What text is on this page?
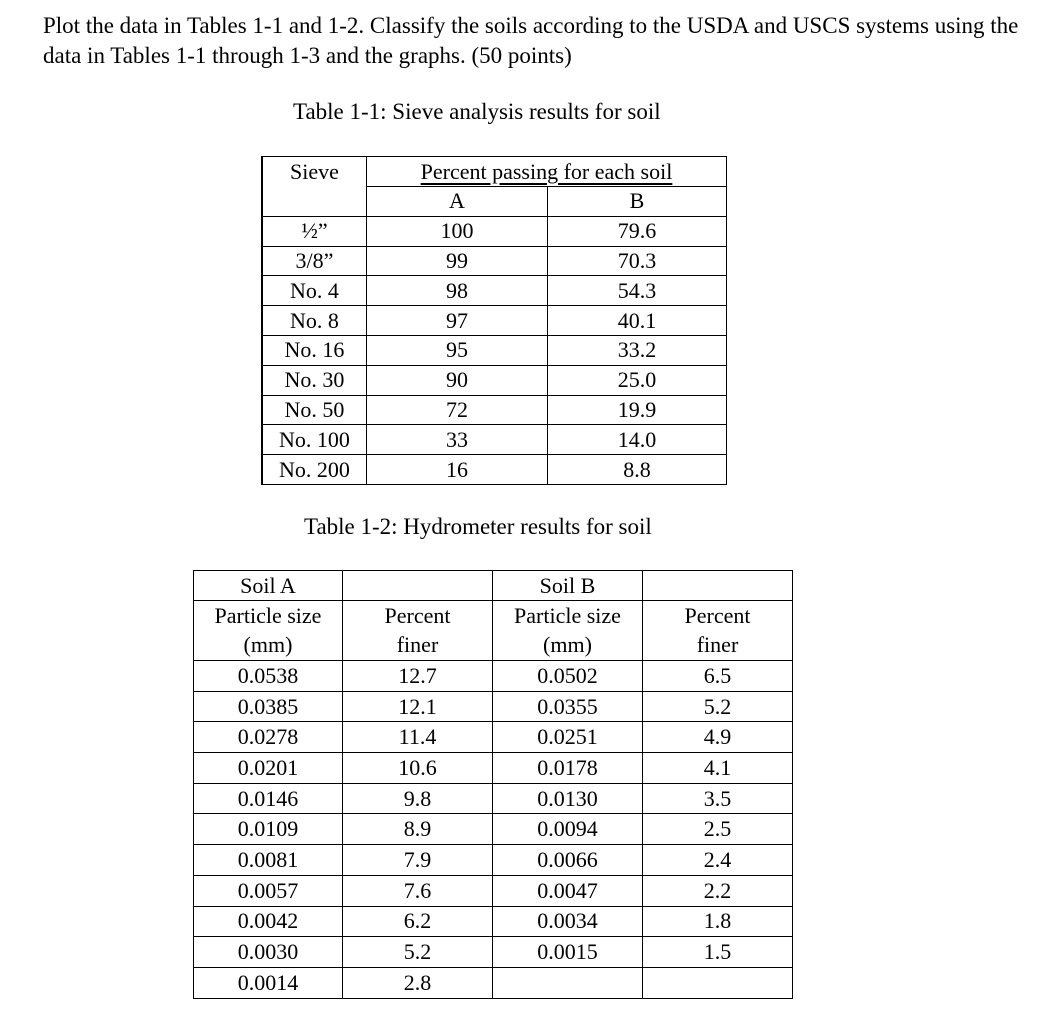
Plot the data in Tables 1-1 and 1-2. Classify the soils according to the USDA and USCS systems using the data in Tables 1-1 through 1-3 and the graphs. (50 points)

Table 1-1: Sieve analysis results for soil

Sieve	Percent passing for each soil	
	A	B
½”	100	79.6
3/8”	99	70.3
No. 4	98	54.3
No. 8	97	40.1
No. 16	95	33.2
No. 30	90	25.0
No. 50	72	19.9
No. 100	33	14.0
No. 200	16	8.8

Table 1-2: Hydrometer results for soil

Soil A		Soil B	
Particle size	Percent	Particle size	Percent
(mm)	finer	(mm)	finer
0.0538	12.7	0.0502	6.5
0.0385	12.1	0.0355	5.2
0.0278	11.4	0.0251	4.9
0.0201	10.6	0.0178	4.1
0.0146	9.8	0.0130	3.5
0.0109	8.9	0.0094	2.5
0.0081	7.9	0.0066	2.4
0.0057	7.6	0.0047	2.2
0.0042	6.2	0.0034	1.8
0.0030	5.2	0.0015	1.5
0.0014	2.8		
